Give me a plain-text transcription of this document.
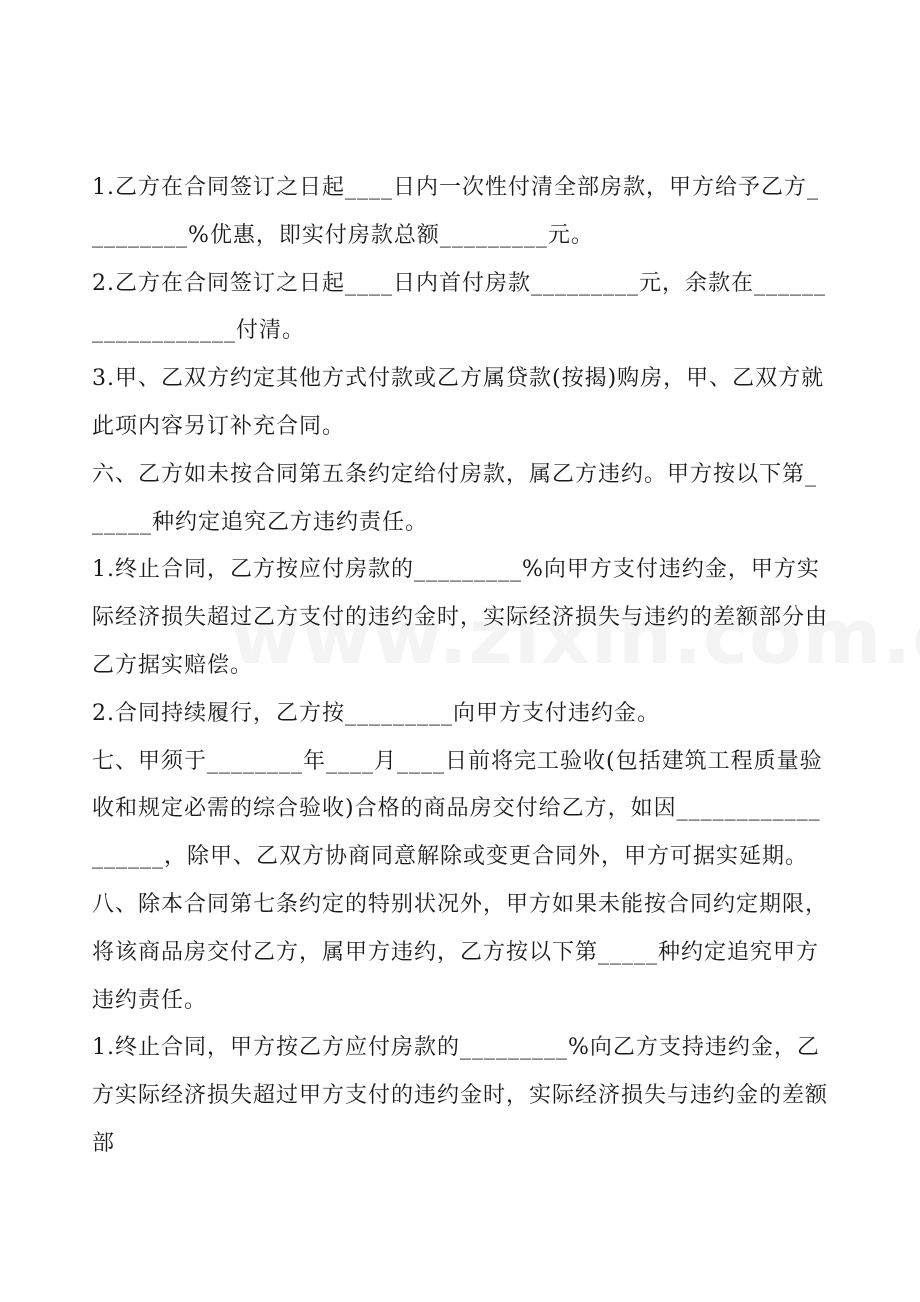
1.乙方在合同签订之日起____日内一次性付清全部房款，甲方给予乙方_________%优惠，即实付房款总额_________元。

2.乙方在合同签订之日起____日内首付房款_________元，余款在__________________付清。

3.甲、乙双方约定其他方式付款或乙方属贷款(按揭)购房，甲、乙双方就此项内容另订补充合同。

六、乙方如未按合同第五条约定给付房款，属乙方违约。甲方按以下第______种约定追究乙方违约责任。

1.终止合同，乙方按应付房款的_________%向甲方支付违约金，甲方实际经济损失超过乙方支付的违约金时，实际经济损失与违约的差额部分由乙方据实赔偿。

2.合同持续履行，乙方按_________向甲方支付违约金。

七、甲须于________年____月____日前将完工验收(包括建筑工程质量验收和规定必需的综合验收)合格的商品房交付给乙方，如因__________________，除甲、乙双方协商同意解除或变更合同外，甲方可据实延期。

八、除本合同第七条约定的特别状况外，甲方如果未能按合同约定期限，将该商品房交付乙方，属甲方违约，乙方按以下第_____种约定追究甲方违约责任。

1.终止合同，甲方按乙方应付房款的_________%向乙方支持违约金，乙方实际经济损失超过甲方支付的违约金时，实际经济损失与违约金的差额部
